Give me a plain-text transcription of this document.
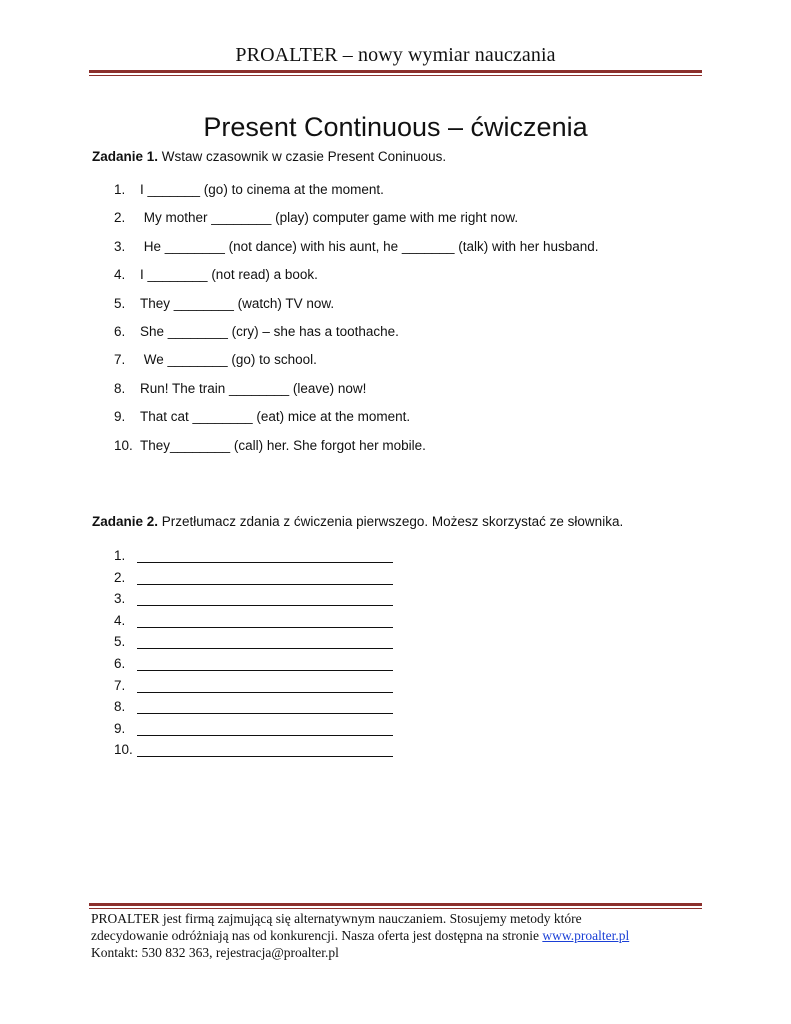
PROALTER – nowy wymiar nauczania
Present Continuous – ćwiczenia
Zadanie 1. Wstaw czasownik w czasie Present Coninuous.
1. I _______ (go) to cinema at the moment.
2. My mother ________ (play) computer game with me right now.
3. He ________ (not dance) with his aunt, he _______ (talk) with her husband.
4. I ________ (not read) a book.
5. They ________ (watch) TV now.
6. She ________ (cry) – she has a toothache.
7. We ________ (go) to school.
8. Run! The train ________ (leave) now!
9. That cat ________ (eat) mice at the moment.
10. They________ (call) her. She forgot her mobile.
Zadanie 2. Przetłumacz zdania z ćwiczenia pierwszego. Możesz skorzystać ze słownika.
1.
2.
3.
4.
5.
6.
7.
8.
9.
10.
PROALTER jest firmą zajmującą się alternatywnym nauczaniem. Stosujemy metody które
zdecydowanie odróżniają nas od konkurencji. Nasza oferta jest dostępna na stronie www.proalter.pl
Kontakt: 530 832 363, rejestracja@proalter.pl
